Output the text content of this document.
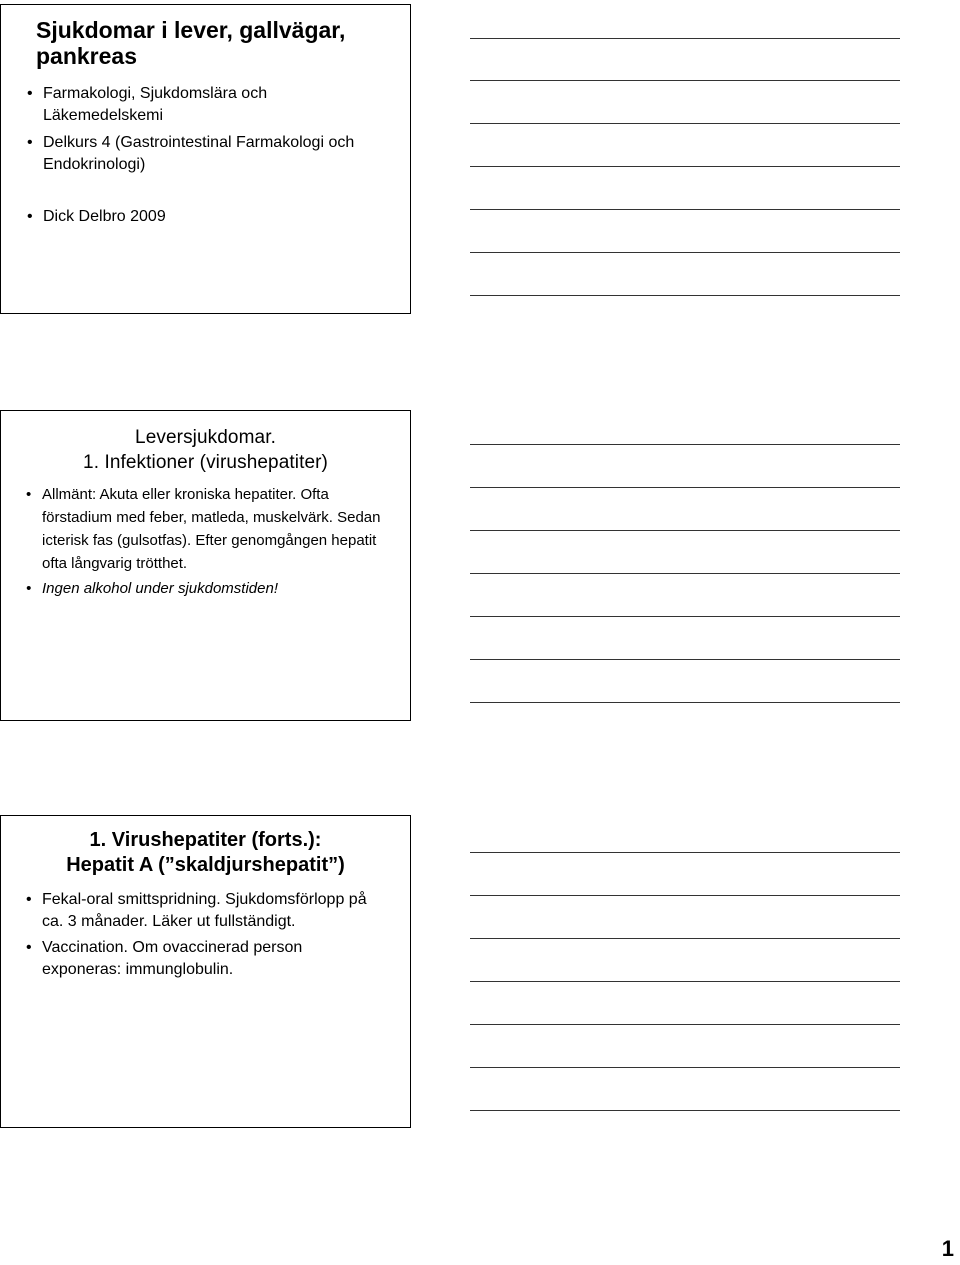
Sjukdomar i lever, gallvägar, pankreas
• Farmakologi, Sjukdomslära och Läkemedelskemi
• Delkurs 4 (Gastrointestinal Farmakologi och Endokrinologi)
• Dick Delbro 2009
Leversjukdomar.
1. Infektioner (virushepatiter)
• Allmänt: Akuta eller kroniska hepatiter. Ofta förstadium med feber, matleda, muskelvärk. Sedan icterisk fas (gulsotfas). Efter genomgången hepatit ofta långvarig trötthet.
• Ingen alkohol under sjukdomstiden!
1. Virushepatiter (forts.):
Hepatit A (”skaldjurshepatit”)
• Fekal-oral smittspridning. Sjukdomsförlopp på ca. 3 månader. Läker ut fullständigt.
• Vaccination. Om ovaccinerad person exponeras: immunglobulin.
1
